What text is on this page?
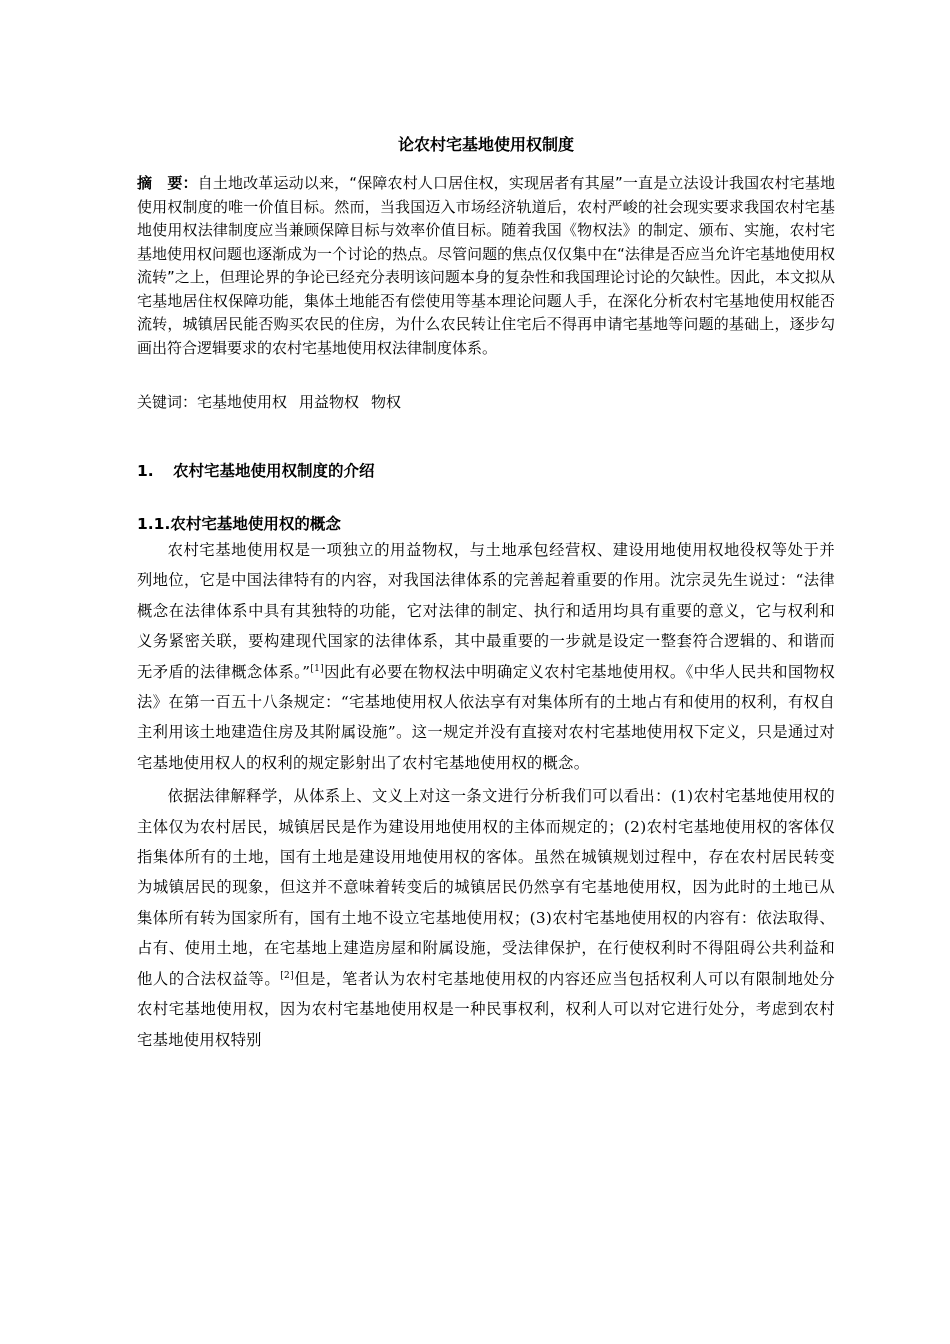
论农村宅基地使用权制度
摘　要：自土地改革运动以来，“保障农村人口居住权，实现居者有其屋”一直是立法设计我国农村宅基地使用权制度的唯一价值目标。然而，当我国迈入市场经济轨道后，农村严峻的社会现实要求我国农村宅基地使用权法律制度应当兼顾保障目标与效率价值目标。随着我国《物权法》的制定、颁布、实施，农村宅基地使用权问题也逐渐成为一个讨论的热点。尽管问题的焦点仅仅集中在“法律是否应当允许宅基地使用权流转”之上，但理论界的争论已经充分表明该问题本身的复杂性和我国理论讨论的欠缺性。因此，本文拟从宅基地居住权保障功能，集体土地能否有偿使用等基本理论问题人手，在深化分析农村宅基地使用权能否流转，城镇居民能否购买农民的住房，为什么农民转让住宅后不得再申请宅基地等问题的基础上，逐步勾画出符合逻辑要求的农村宅基地使用权法律制度体系。
关键词：宅基地使用权 用益物权 物权
1.	农村宅基地使用权制度的介绍
1.1.农村宅基地使用权的概念

农村宅基地使用权是一项独立的用益物权，与土地承包经营权、建设用地使用权地役权等处于并列地位，它是中国法律特有的内容，对我国法律体系的完善起着重要的作用。沈宗灵先生说过：“法律概念在法律体系中具有其独特的功能，它对法律的制定、执行和适用均具有重要的意义，它与权利和义务紧密关联，要构建现代国家的法律体系，其中最重要的一步就是设定一整套符合逻辑的、和谐而无矛盾的法律概念体系。”[1]因此有必要在物权法中明确定义农村宅基地使用权。《中华人民共和国物权法》在第一百五十八条规定：“宅基地使用权人依法享有对集体所有的土地占有和使用的权利，有权自主利用该土地建造住房及其附属设施”。这一规定并没有直接对农村宅基地使用权下定义，只是通过对宅基地使用权人的权利的规定影射出了农村宅基地使用权的概念。

依据法律解释学，从体系上、文义上对这一条文进行分析我们可以看出：(1)农村宅基地使用权的主体仅为农村居民，城镇居民是作为建设用地使用权的主体而规定的；(2)农村宅基地使用权的客体仅指集体所有的土地，国有土地是建设用地使用权的客体。虽然在城镇规划过程中，存在农村居民转变为城镇居民的现象，但这并不意味着转变后的城镇居民仍然享有宅基地使用权，因为此时的土地已从集体所有转为国家所有，国有土地不设立宅基地使用权；(3)农村宅基地使用权的内容有：依法取得、占有、使用土地，在宅基地上建造房屋和附属设施，受法律保护，在行使权利时不得阻碍公共利益和他人的合法权益等。[2]但是，笔者认为农村宅基地使用权的内容还应当包括权利人可以有限制地处分农村宅基地使用权，因为农村宅基地使用权是一种民事权利，权利人可以对它进行处分，考虑到农村宅基地使用权特别
